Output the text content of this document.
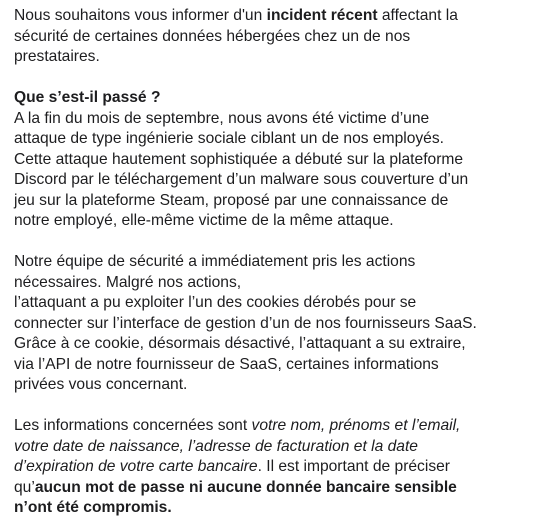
Nous souhaitons vous informer d'un incident récent affectant la
sécurité de certaines données hébergées chez un de nos
prestataires.

Que s’est-il passé ?
A la fin du mois de septembre, nous avons été victime d’une
attaque de type ingénierie sociale ciblant un de nos employés.
Cette attaque hautement sophistiquée a débuté sur la plateforme
Discord par le téléchargement d’un malware sous couverture d’un
jeu sur la plateforme Steam, proposé par une connaissance de
notre employé, elle-même victime de la même attaque.

Notre équipe de sécurité a immédiatement pris les actions
nécessaires. Malgré nos actions,
l’attaquant a pu exploiter l’un des cookies dérobés pour se
connecter sur l’interface de gestion d’un de nos fournisseurs SaaS.
Grâce à ce cookie, désormais désactivé, l’attaquant a su extraire,
via l’API de notre fournisseur de SaaS, certaines informations
privées vous concernant.

Les informations concernées sont votre nom, prénoms et l’email,
votre date de naissance, l’adresse de facturation et la date
d’expiration de votre carte bancaire. Il est important de préciser
qu’aucun mot de passe ni aucune donnée bancaire sensible
n’ont été compromis.
